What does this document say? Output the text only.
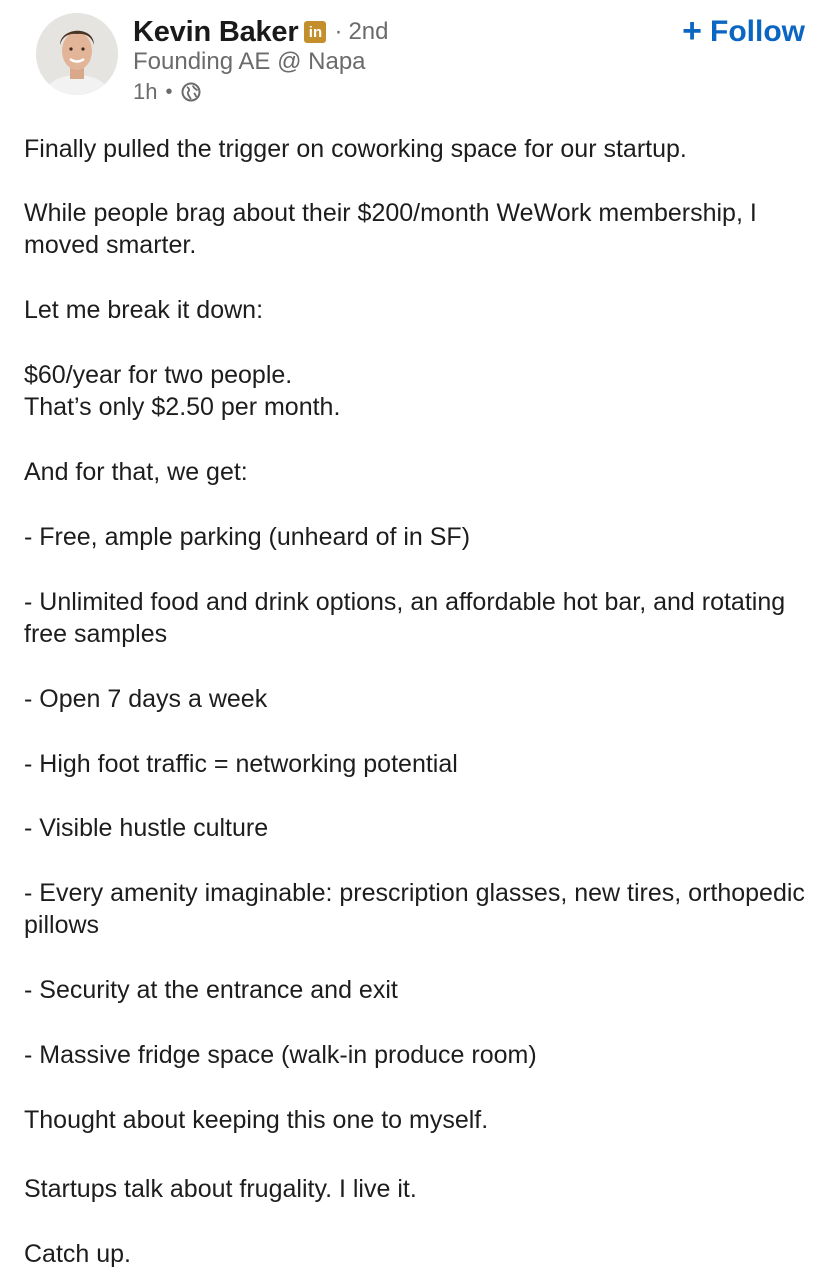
Kevin Baker in · 2nd
Founding AE @ Napa
1h •
+ Follow
Finally pulled the trigger on coworking space for our startup.
While people brag about their $200/month WeWork membership, I moved smarter.
Let me break it down:
$60/year for two people.
That’s only $2.50 per month.
And for that, we get:
- Free, ample parking (unheard of in SF)
- Unlimited food and drink options, an affordable hot bar, and rotating free samples
- Open 7 days a week
- High foot traffic = networking potential
- Visible hustle culture
- Every amenity imaginable: prescription glasses, new tires, orthopedic pillows
- Security at the entrance and exit
- Massive fridge space (walk-in produce room)
Thought about keeping this one to myself.
Startups talk about frugality. I live it.
Catch up.
